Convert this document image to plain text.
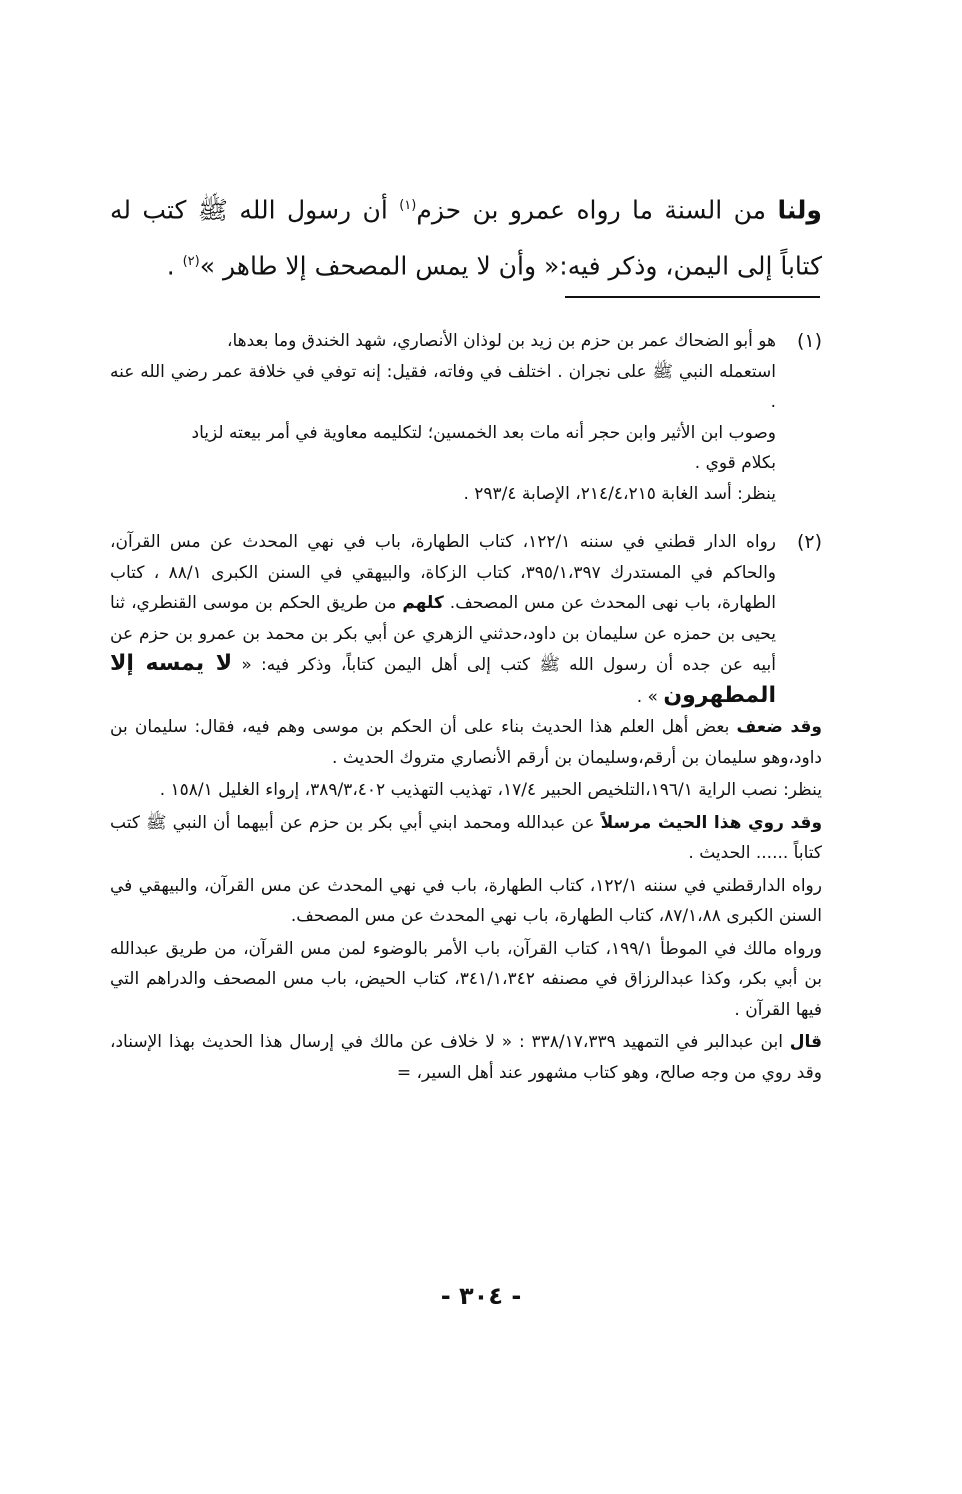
ولنا من السنة ما رواه عمرو بن حزم$^{(١)}$ أن رسول الله ﷺ كتب له كتاباً إلى اليمن، وذكر فيه:« وأن لا يمس المصحف إلا طاهر »$^{(٢)}$ .
(١)
هو أبو الضحاك عمر بن حزم بن زيد بن لوذان الأنصاري، شهد الخندق وما بعدها،
استعمله النبي ﷺ على نجران . اختلف في وفاته، فقيل: إنه توفي في خلافة عمر رضي الله عنه .
وصوب ابن الأثير وابن حجر أنه مات بعد الخمسين؛ لتكليمه معاوية في أمر بيعته لزياد
بكلام قوي .
ينظر: أسد الغابة ٢١٤/٤،٢١٥، الإصابة ٢٩٣/٤ .
(٢)
رواه الدار قطني في سننه ١٢٢/١، كتاب الطهارة، باب في نهي المحدث عن مس القرآن، والحاكم في المستدرك ٣٩٥/١،٣٩٧، كتاب الزكاة، والبيهقي في السنن الكبرى ٨٨/١ ، كتاب الطهارة، باب نهى المحدث عن مس المصحف. كلهم من طريق الحكم بن موسى القنطري، ثنا يحيى بن حمزه عن سليمان بن داود،حدثني الزهري عن أبي بكر بن محمد بن عمرو بن حزم عن أبيه عن جده أن رسول الله ﷺ كتب إلى أهل اليمن كتاباً، وذكر فيه: « لا يمسه إلا المطهرون » .
وقد ضعف بعض أهل العلم هذا الحديث بناء على أن الحكم بن موسى وهم فيه، فقال: سليمان بن داود،وهو سليمان بن أرقم،وسليمان بن أرقم الأنصاري متروك الحديث .
ينظر: نصب الراية ١٩٦/١،التلخيص الحبير ١٧/٤، تهذيب التهذيب ٣٨٩/٣،٤٠٢، إرواء الغليل ١٥٨/١ .
وقد روي هذا الحيث مرسلاً عن عبدالله ومحمد ابني أبي بكر بن حزم عن أبيهما أن النبي ﷺ كتب كتاباً ...... الحديث .
رواه الدارقطني في سننه ١٢٢/١، كتاب الطهارة، باب في نهي المحدث عن مس القرآن، والبيهقي في السنن الكبرى ٨٧/١،٨٨، كتاب الطهارة، باب نهي المحدث عن مس المصحف.
ورواه مالك في الموطأ ١٩٩/١، كتاب القرآن، باب الأمر بالوضوء لمن مس القرآن، من طريق عبدالله بن أبي بكر، وكذا عبدالرزاق في مصنفه ٣٤١/١،٣٤٢، كتاب الحيض، باب مس المصحف والدراهم التي فيها القرآن .
قال ابن عبدالبر في التمهيد ٣٣٨/١٧،٣٣٩ : « لا خلاف عن مالك في إرسال هذا الحديث بهذا الإسناد، وقد روي من وجه صالح، وهو كتاب مشهور عند أهل السير، =
- ٣٠٤ -
